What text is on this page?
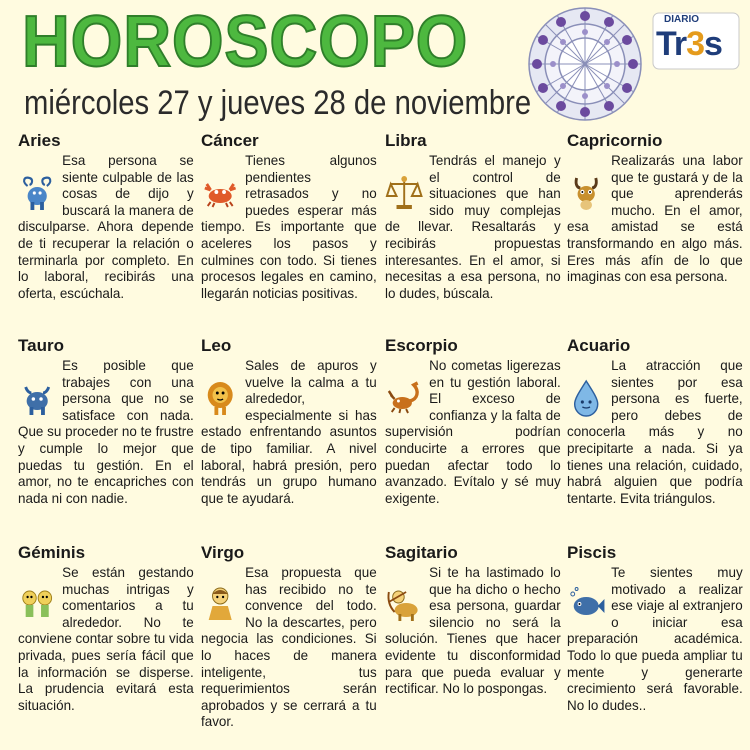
HOROSCOPO
miércoles 27 y jueves 28 de noviembre
DIARIO
Tr3s
Aries
Esa persona se siente culpable de las cosas de dijo y buscará la manera de disculparse. Ahora depende de ti recuperar la relación o terminarla por completo. En lo laboral, recibirás una oferta, escúchala.
Cáncer
Tienes algunos pendientes retrasados y no puedes esperar más tiempo. Es importante que aceleres los pasos y culmines con todo. Si tienes procesos legales en camino, llegarán noticias positivas.
Libra
Tendrás el manejo y el control de situaciones que han sido muy complejas de llevar. Resaltarás y recibirás propuestas interesantes. En el amor, si necesitas a esa persona, no lo dudes, búscala.
Capricornio
Realizarás una labor que te gustará y de la que aprenderás mucho. En el amor, esa amistad se está transformando en algo más. Eres más afín de lo que imaginas con esa persona.
Tauro
Es posible que trabajes con una persona que no se satisface con nada. Que su proceder no te frustre y cumple lo mejor que puedas tu gestión. En el amor, no te encapriches con nada ni con nadie.
Leo
Sales de apuros y vuelve la calma a tu alrededor, especialmente si has estado enfrentando asuntos de tipo familiar. A nivel laboral, habrá presión, pero tendrás un grupo humano que te ayudará.
Escorpio
No cometas ligerezas en tu gestión laboral. El exceso de confianza y la falta de supervisión podrían conducirte a errores que puedan afectar todo lo avanzado. Evítalo y sé muy exigente.
Acuario
La atracción que sientes por esa persona es fuerte, pero debes de conocerla más y no precipitarte a nada. Si ya tienes una relación, cuidado, habrá alguien que podría tentarte. Evita triángulos.
Géminis
Se están gestando muchas intrigas y comentarios a tu alrededor. No te conviene contar sobre tu vida privada, pues sería fácil que la información se disperse. La prudencia evitará esta situación.
Virgo
Esa propuesta que has recibido no te convence del todo. No la descartes, pero negocia las condiciones. Si lo haces de manera inteligente, tus requerimientos serán aprobados y se cerrará a tu favor.
Sagitario
Si te ha lastimado lo que ha dicho o hecho esa persona, guardar silencio no será la solución. Tienes que hacer evidente tu disconformidad para que pueda evaluar y rectificar. No lo pospongas.
Piscis
Te sientes muy motivado a realizar ese viaje al extranjero o iniciar esa preparación académica. Todo lo que pueda ampliar tu mente y generarte crecimiento será favorable. No lo dudes..
